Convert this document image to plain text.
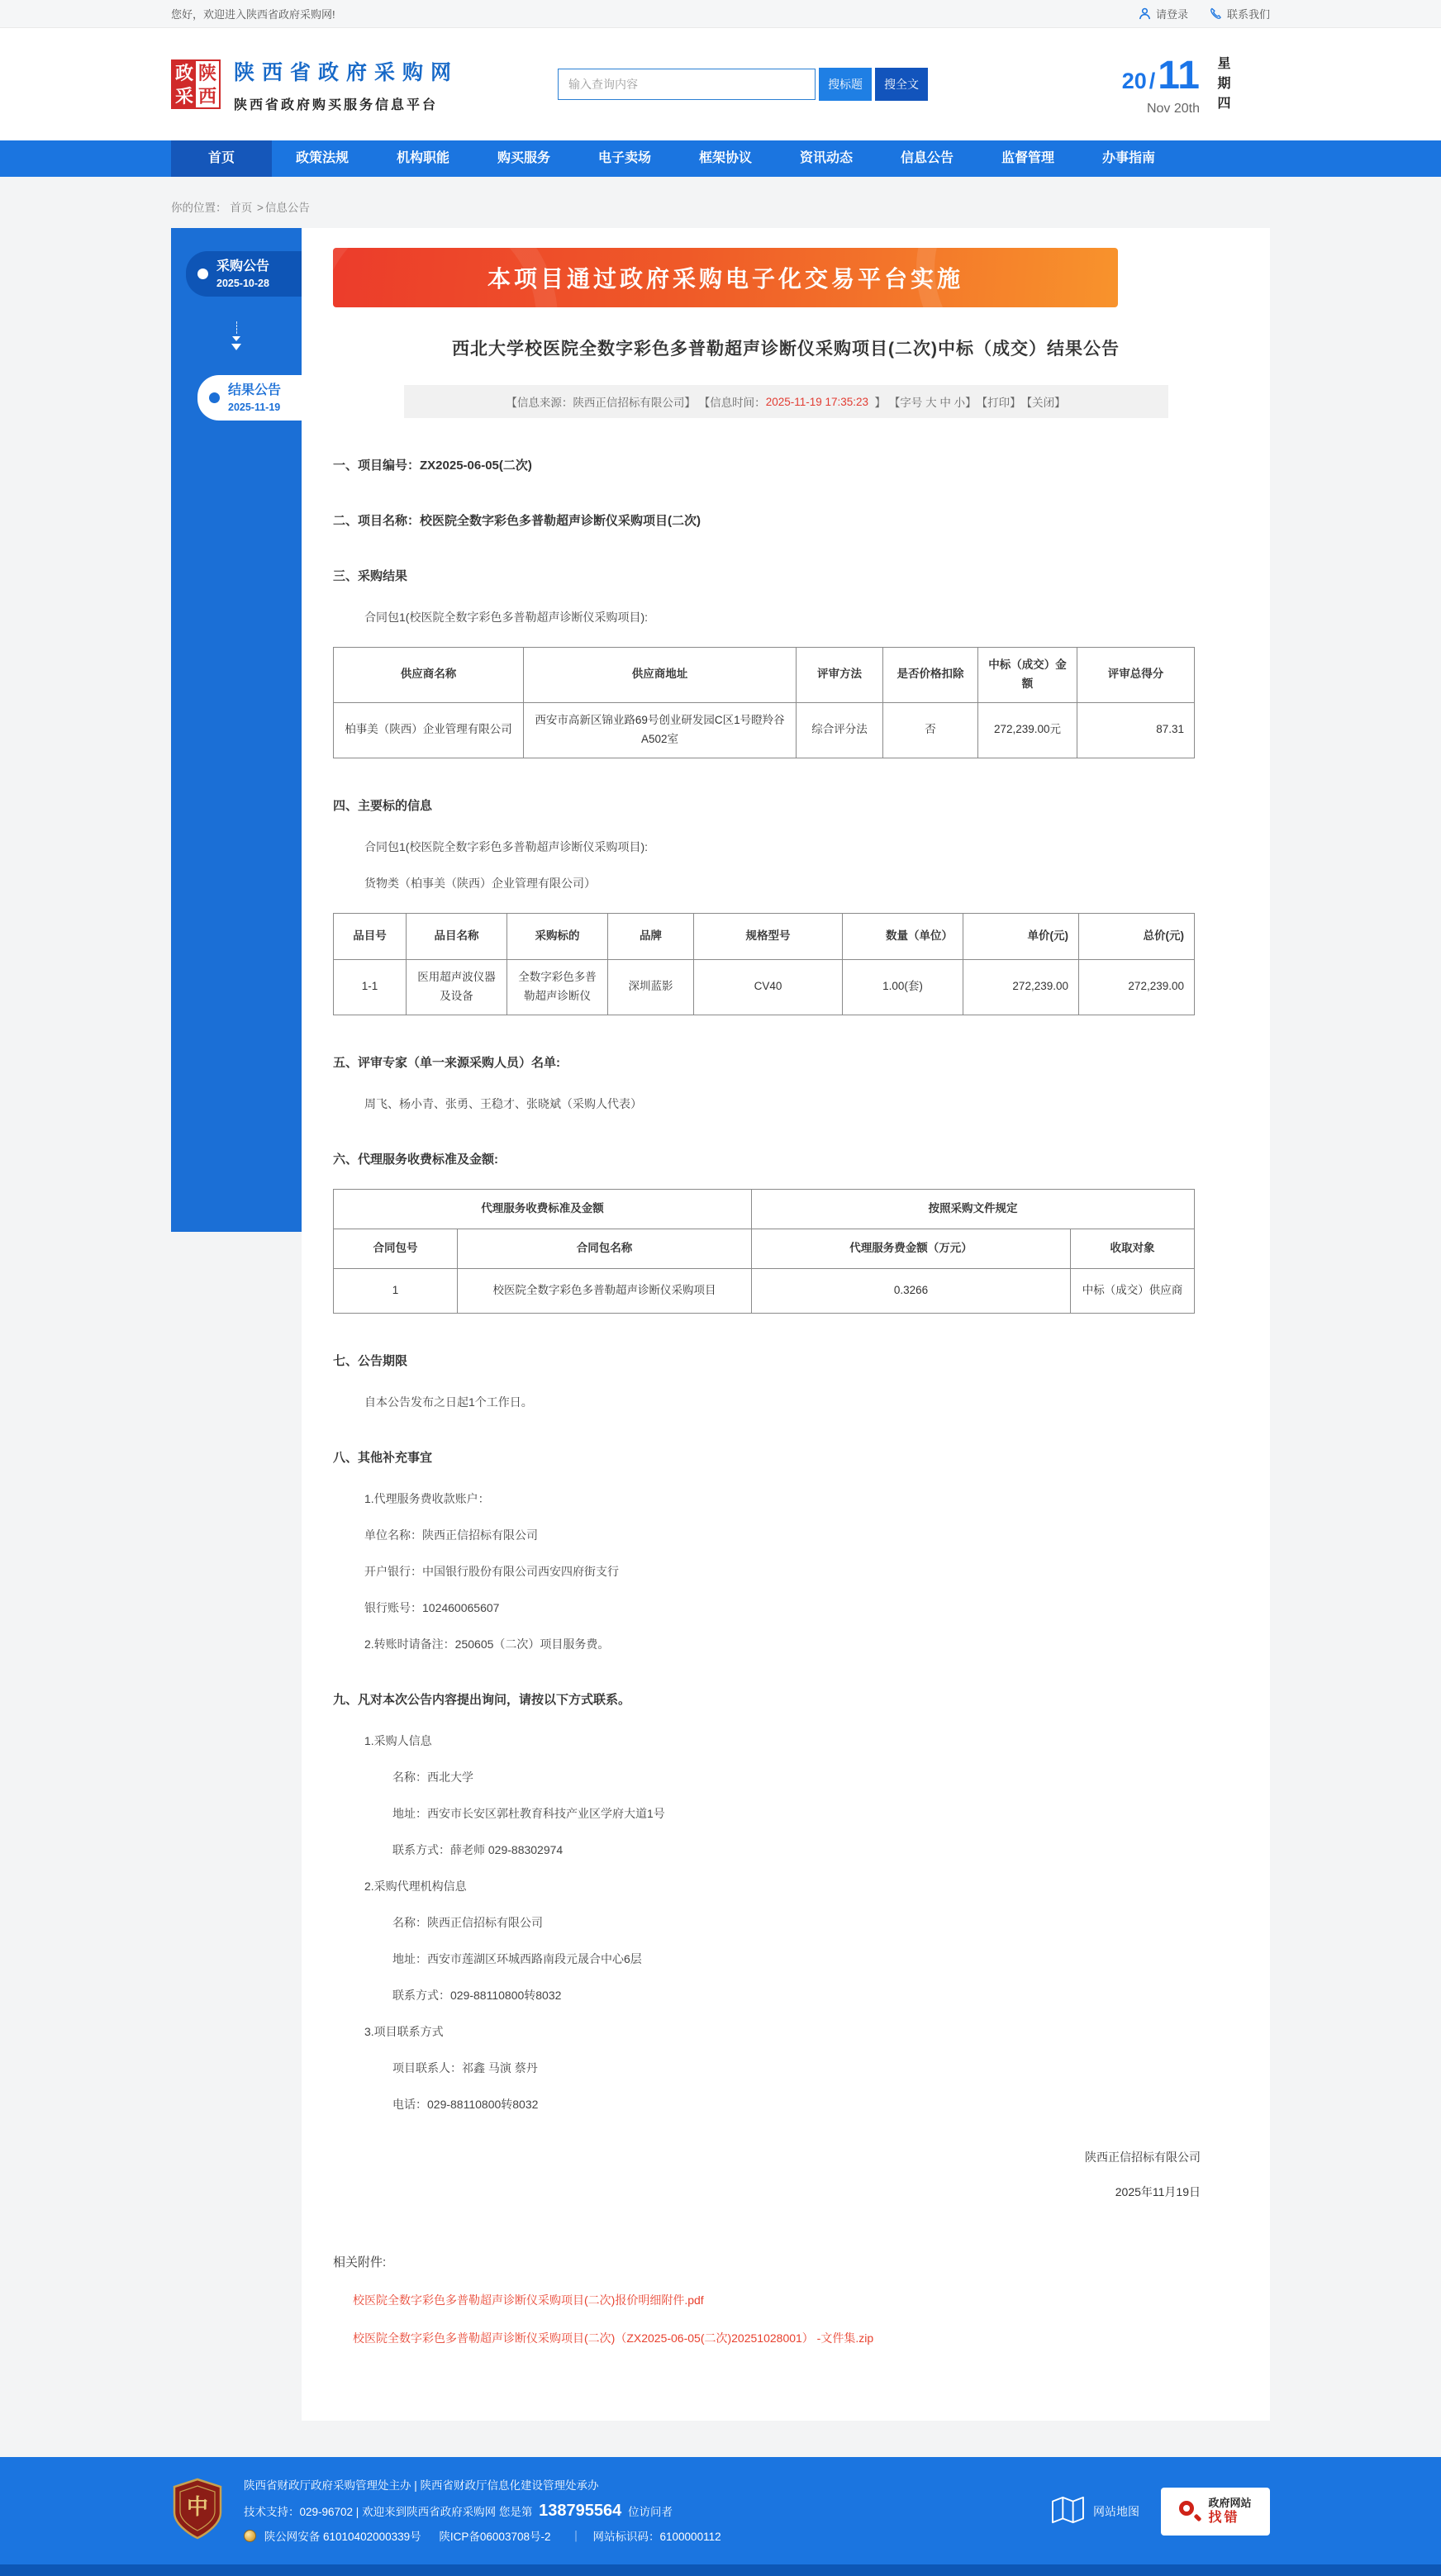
您好，欢迎进入陕西省政府采购网!	请登录	联系我们
政采
陕西
陕西省政府采购网
陕西省政府购买服务信息平台
输入查询内容
搜标题	搜全文	20 /11
Nov 20th 星期四
首页	政策法规	机构职能	购买服务	电子卖场	框架协议	资讯动态	信息公告	监督管理	办事指南
你的位置： 首页 > 信息公告
采购公告
2025-10-28
结果公告
2025-11-19
本项目通过政府采购电子化交易平台实施
西北大学校医院全数字彩色多普勒超声诊断仪采购项目(二次)中标（成交）结果公告
【信息来源：陕西正信招标有限公司】 【信息时间： 2025-11-19 17:35:23 】 【字号 大 中 小】 【打印】 【关闭】
一、项目编号：ZX2025-06-05(二次)
二、项目名称：校医院全数字彩色多普勒超声诊断仪采购项目(二次)
三、采购结果
合同包1(校医院全数字彩色多普勒超声诊断仪采购项目):
供应商名称	供应商地址	评审方法	是否价格扣除	中标（成交）金额	评审总得分
柏事美（陕西）企业管理有限公司	西安市高新区锦业路69号创业研发园C区1号瞪羚谷A502室	综合评分法	否	272,239.00元	87.31
四、主要标的信息
合同包1(校医院全数字彩色多普勒超声诊断仪采购项目):
货物类（柏事美（陕西）企业管理有限公司）
品目号	品目名称	采购标的	品牌	规格型号	数量（单位）	单价(元)	总价(元)
1-1	医用超声波仪器及设备	全数字彩色多普勒超声诊断仪	深圳蓝影	CV40	1.00(套)	272,239.00	272,239.00
五、评审专家（单一来源采购人员）名单:
周飞、杨小青、张勇、王稳才、张晓斌（采购人代表）
六、代理服务收费标准及金额:
代理服务收费标准及金额		按照采购文件规定	
合同包号	合同包名称	代理服务费金额（万元）	收取对象
1	校医院全数字彩色多普勒超声诊断仪采购项目	0.3266	中标（成交）供应商
七、公告期限
自本公告发布之日起1个工作日。
八、其他补充事宜
1.代理服务费收款账户：
单位名称：陕西正信招标有限公司
开户银行：中国银行股份有限公司西安四府街支行
银行账号：102460065607
2.转账时请备注：250605（二次）项目服务费。
九、凡对本次公告内容提出询问，请按以下方式联系。
1.采购人信息
名称：西北大学
地址：西安市长安区郭杜教育科技产业区学府大道1号
联系方式：薛老师 029-88302974
2.采购代理机构信息
名称：陕西正信招标有限公司
地址：西安市莲湖区环城西路南段元晟合中心6层
联系方式：029-88110800转8032
3.项目联系方式
项目联系人：祁鑫 马演 蔡丹
电话：029-88110800转8032
陕西正信招标有限公司
2025年11月19日
相关附件:
校医院全数字彩色多普勒超声诊断仪采购项目(二次)报价明细附件.pdf
校医院全数字彩色多普勒超声诊断仪采购项目(二次)（ZX2025-06-05(二次)20251028001） -文件集.zip
中
陕西省财政厅政府采购管理处主办 | 陕西省财政厅信息化建设管理处承办
技术支持：029-96702 | 欢迎来到陕西省政府采购网 您是第 138795564 位访问者
陕公网安备 61010402000339号 陕ICP备06003708号-2 ｜ 网站标识码：6100000112
网站地图
政府网站
找错
